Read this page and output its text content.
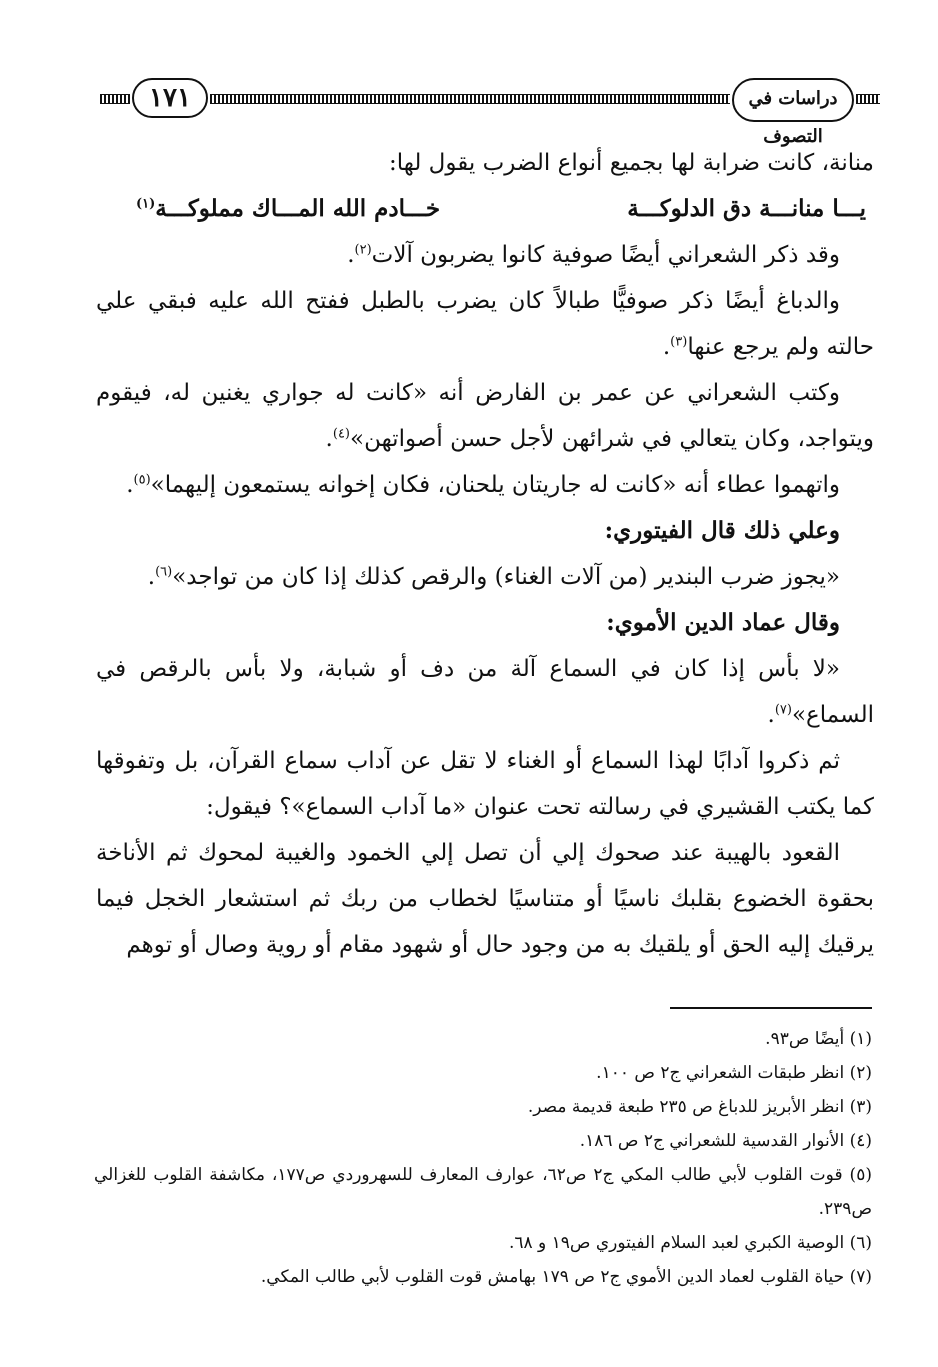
١٧١	دراسات في التصوف

منانة، كانت ضرابة لها بجميع أنواع الضرب يقول لها:

يـــا منانـــة دق الدلوكـــة
خـــادم الله المـــاك مملوكـــة$^{(١)}$

وقد ذكر الشعراني أيضًا صوفية كانوا يضربون آلات$^{(٢)}$.

والدباغ أيضًا ذكر صوفيًّا طبالاً كان يضرب بالطبل ففتح الله عليه فبقي علي حالته ولم يرجع عنها$^{(٣)}$.

وكتب الشعراني عن عمر بن الفارض أنه «كانت له جواري يغنين له، فيقوم ويتواجد، وكان يتعالي في شرائهن لأجل حسن أصواتهن»$^{(٤)}$.

واتهموا عطاء أنه «كانت له جاريتان يلحنان، فكان إخوانه يستمعون إليهما»$^{(٥)}$.

وعلي ذلك قال الفيتوري:

«يجوز ضرب البندير (من آلات الغناء) والرقص كذلك إذا كان من تواجد»$^{(٦)}$.

وقال عماد الدين الأموي:

«لا بأس إذا كان في السماع آلة من دف أو شبابة، ولا بأس بالرقص في السماع»$^{(٧)}$.

ثم ذكروا آدابًا لهذا السماع أو الغناء لا تقل عن آداب سماع القرآن، بل وتفوقها كما يكتب القشيري في رسالته تحت عنوان «ما آداب السماع»؟ فيقول:

القعود بالهيبة عند صحوك إلي أن تصل إلي الخمود والغيبة لمحوك ثم الأناخة بحقوة الخضوع بقلبك ناسيًا أو متناسيًا لخطاب من ربك ثم استشعار الخجل فيما يرقيك إليه الحق أو يلقيك به من وجود حال أو شهود مقام أو روية وصال أو توهم

(١) أيضًا ص٩٣.

(٢) انظر طبقات الشعراني ج٢ ص ١٠٠.

(٣) انظر الأبريز للدباغ ص ٢٣٥ طبعة قديمة مصر.

(٤) الأنوار القدسية للشعراني ج٢ ص ١٨٦.

(٥) قوت القلوب لأبي طالب المكي ج٢ ص٦٢، عوارف المعارف للسهروردي ص١٧٧، مكاشفة القلوب للغزالي ص٢٣٩.

(٦) الوصية الكبري لعبد السلام الفيتوري ص١٩ و ٦٨.

(٧) حياة القلوب لعماد الدين الأموي ج٢ ص ١٧٩ بهامش قوت القلوب لأبي طالب المكي.
